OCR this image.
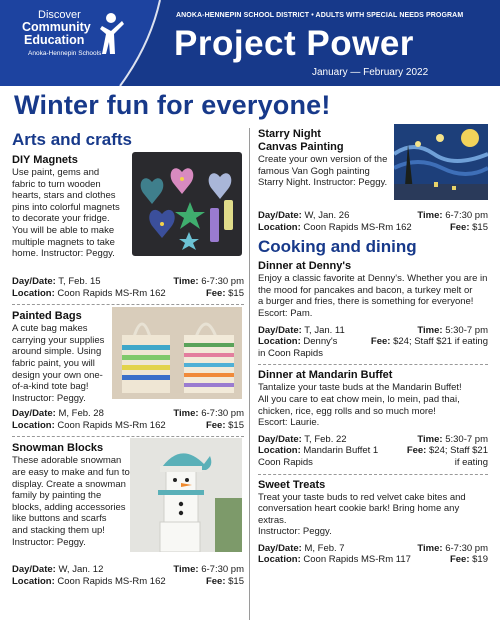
Discover
Community
Education
Anoka-Hennepin Schools
ANOKA-HENNEPIN SCHOOL DISTRICT • ADULTS WITH SPECIAL NEEDS PROGRAM
Project Power
January — February 2022
Winter fun for everyone!
Arts and crafts
DIY Magnets
Use paint, gems and
fabric to turn wooden
hearts, stars and clothes
pins into colorful magnets
to decorate your fridge.
You will be able to make
multiple magnets to take
home. Instructor: Peggy.
Day/Date: T, Feb. 15	Time: 6-7:30 pm
Location: Coon Rapids MS-Rm 162	Fee: $15
Painted Bags
A cute bag makes
carrying your supplies
around simple. Using
fabric paint, you will
design your own one-
of-a-kind tote bag!
Instructor: Peggy.
Day/Date: M, Feb. 28	Time: 6-7:30 pm
Location: Coon Rapids MS-Rm 162	Fee: $15
Snowman Blocks
These adorable snowman
are easy to make and fun to
display. Create a snowman
family by painting the
blocks, adding accessories
like buttons and scarfs
and stacking them up!
Instructor: Peggy.
Day/Date: W, Jan. 12	Time: 6-7:30 pm
Location: Coon Rapids MS-Rm 162	Fee: $15
Starry Night
Canvas Painting
Create your own version of the
famous Van Gogh painting
Starry Night. Instructor: Peggy.
Day/Date: W, Jan. 26	Time: 6-7:30 pm
Location: Coon Rapids MS-Rm 162	Fee: $15
Cooking and dining
Dinner at Denny's
Enjoy a classic favorite at Denny's. Whether you are in
the mood for pancakes and bacon, a turkey melt or
a burger and fries, there is something for everyone!
Escort: Pam.
Day/Date: T, Jan. 11	Time: 5:30-7 pm
Location: Denny's	Fee: $24; Staff $21 if eating
in Coon Rapids
Dinner at Mandarin Buffet
Tantalize your taste buds at the Mandarin Buffet!
All you care to eat chow mein, lo mein, pad thai,
chicken, rice, egg rolls and so much more!
Escort: Laurie.
Day/Date: T, Feb. 22	Time: 5:30-7 pm
Location: Mandarin Buffet 1	Fee: $24; Staff $21
Coon Rapids	if eating
Sweet Treats
Treat your taste buds to red velvet cake bites and
conversation heart cookie bark! Bring home any extras.
Instructor: Peggy.
Day/Date: M, Feb. 7	Time: 6-7:30 pm
Location: Coon Rapids MS-Rm 117	Fee: $19
